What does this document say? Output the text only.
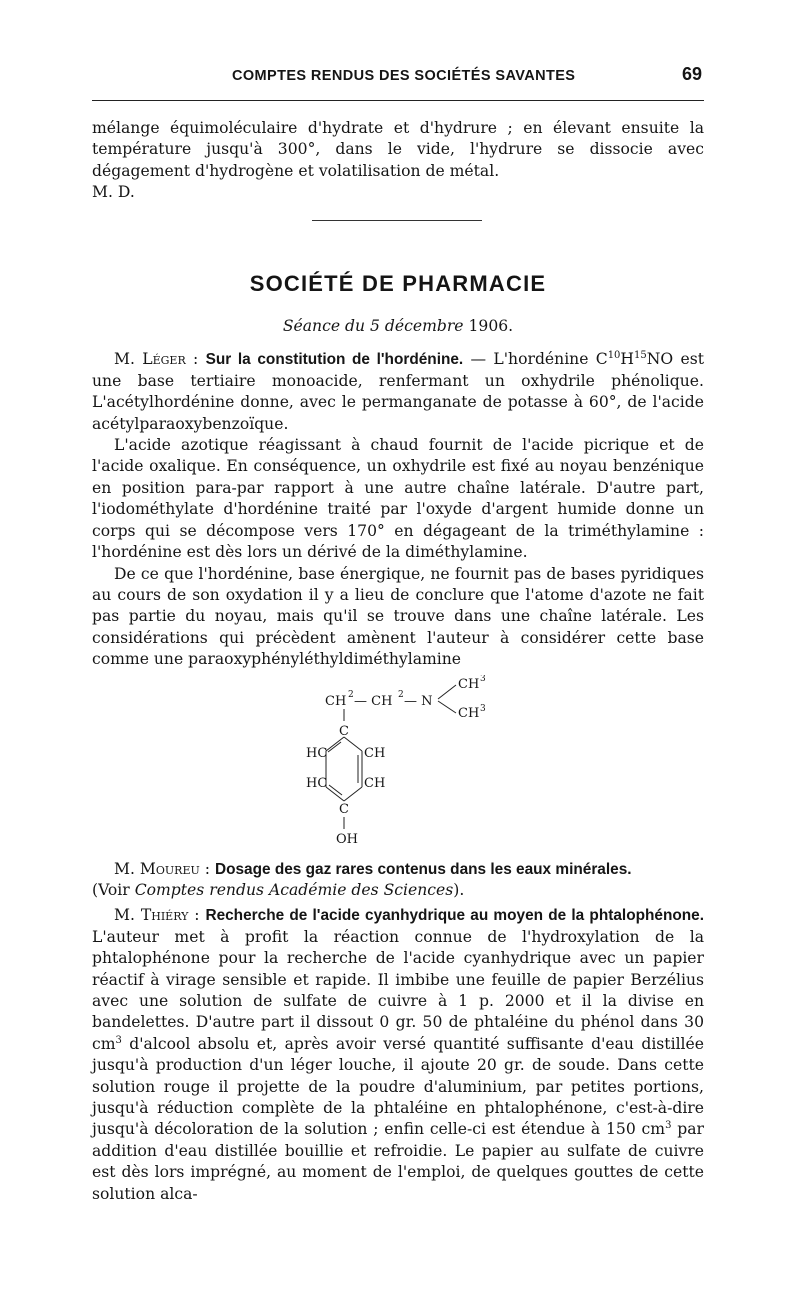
COMPTES RENDUS DES SOCIÉTÉS SAVANTES	69

mélange équimoléculaire d'hydrate et d'hydrure ; en élevant ensuite la température jusqu'à 300°, dans le vide, l'hydrure se dissocie avec dégagement d'hydrogène et volatilisation de métal.

M. D.

SOCIÉTÉ DE PHARMACIE
Séance du 5 décembre 1906.

M. Léger : Sur la constitution de l'hordénine. — L'hordénine $C^{10}H^{15}NO$ est une base tertiaire monoacide, renfermant un oxhydrile phénolique. L'acétylhordénine donne, avec le permanganate de potasse à 60°, de l'acide acétylparaoxybenzoïque.

L'acide azotique réagissant à chaud fournit de l'acide picrique et de l'acide oxalique. En conséquence, un oxhydrile est fixé au noyau benzénique en position para-par rapport à une autre chaîne latérale. D'autre part, l'iodométhylate d'hordénine traité par l'oxyde d'argent humide donne un corps qui se décompose vers 170° en dégageant de la triméthylamine : l'hordénine est dès lors un dérivé de la diméthylamine.

De ce que l'hordénine, base énergique, ne fournit pas de bases pyridiques au cours de son oxydation il y a lieu de conclure que l'atome d'azote ne fait pas partie du noyau, mais qu'il se trouve dans une chaîne latérale. Les considérations qui précèdent amènent l'auteur à considérer cette base comme une paraoxyphényléthyldiméthylamine

CH 2 — CH 2 — N
CH 3
CH 3
C
HC	CH
HC	CH
C
OH

M. Moureu : Dosage des gaz rares contenus dans les eaux minérales.
(Voir Comptes rendus Académie des Sciences).

M. Thiéry : Recherche de l'acide cyanhydrique au moyen de la phtalophénone. L'auteur met à profit la réaction connue de l'hydroxylation de la phtalophénone pour la recherche de l'acide cyanhydrique avec un papier réactif à virage sensible et rapide. Il imbibe une feuille de papier Berzélius avec une solution de sulfate de cuivre à 1 p. 2000 et il la divise en bandelettes. D'autre part il dissout 0 gr. 50 de phtaléine du phénol dans 30 $cm^3$ d'alcool absolu et, après avoir versé quantité suffisante d'eau distillée jusqu'à production d'un léger louche, il ajoute 20 gr. de soude. Dans cette solution rouge il projette de la poudre d'aluminium, par petites portions, jusqu'à réduction complète de la phtaléine en phtalophénone, c'est-à-dire jusqu'à décoloration de la solution ; enfin celle-ci est étendue à 150 $cm^3$ par addition d'eau distillée bouillie et refroidie. Le papier au sulfate de cuivre est dès lors imprégné, au moment de l'emploi, de quelques gouttes de cette solution alca-
